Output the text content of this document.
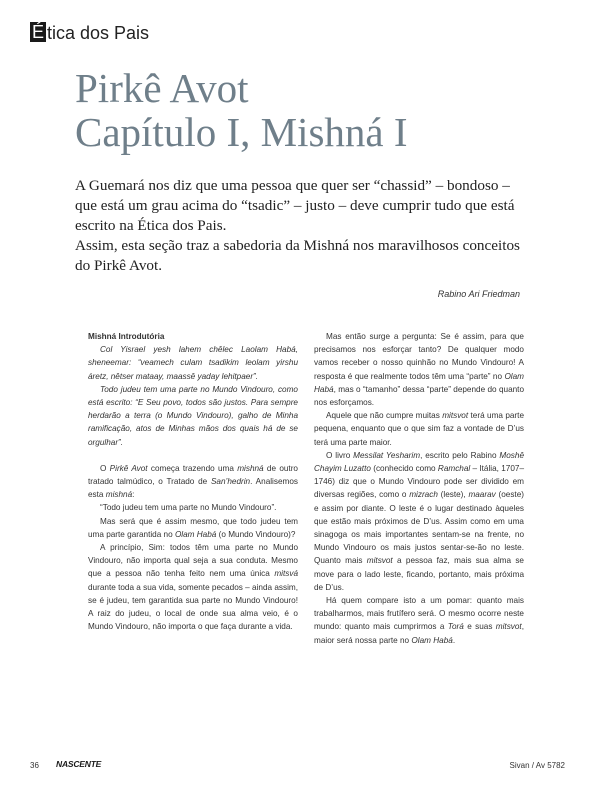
É tica dos Pais
Pirkê Avot
Capítulo I, Mishná I

A Guemará nos diz que uma pessoa que quer ser “chassid” – bondoso – que está um grau acima do “tsadic” – justo – deve cumprir tudo que está escrito na Ética dos Pais.

Assim, esta seção traz a sabedoria da Mishná nos maravilhosos conceitos do Pirkê Avot.

Rabino Ari Friedman

Mishná Introdutória

Col Yisrael yesh lahem chêlec Laolam Habá, sheneemar: “veamech culam tsadikim leolam yirshu áretz, nêtser mataay, maassê yaday lehitpaer”.

Todo judeu tem uma parte no Mundo Vindouro, como está escrito: “E Seu povo, todos são justos. Para sempre herdarão a terra (o Mundo Vindouro), galho de Minha ramificação, atos de Minhas mãos dos quais há de se orgulhar”.

O Pirkê Avot começa trazendo uma mishná de outro tratado talmúdico, o Tratado de San’hedrin. Analisemos esta mishná:

“Todo judeu tem uma parte no Mundo Vindouro”.

Mas será que é assim mesmo, que todo judeu tem uma parte garantida no Olam Habá (o Mundo Vindouro)?

A princípio, Sim: todos têm uma parte no Mundo Vindouro, não importa qual seja a sua conduta. Mesmo que a pessoa não tenha feito nem uma única mitsvá durante toda a sua vida, somente pecados – ainda assim, se é judeu, tem garantida sua parte no Mundo Vindouro! A raiz do judeu, o local de onde sua alma veio, é o Mundo Vindouro, não importa o que faça durante a vida.

Mas então surge a pergunta: Se é assim, para que precisamos nos esforçar tanto? De qualquer modo vamos receber o nosso quinhão no Mundo Vindouro! A resposta é que realmente todos têm uma “parte” no Olam Habá, mas o “tamanho” dessa “parte” depende do quanto nos esforçamos.

Aquele que não cumpre muitas mitsvot terá uma parte pequena, enquanto que o que sim faz a vontade de D’us terá uma parte maior.

O livro Messilat Yesharim, escrito pelo Rabino Moshê Chayim Luzatto (conhecido como Ramchal – Itália, 1707–1746) diz que o Mundo Vindouro pode ser dividido em diversas regiões, como o mizrach (leste), maarav (oeste) e assim por diante. O leste é o lugar destinado àqueles que estão mais próximos de D’us. Assim como em uma sinagoga os mais importantes sentam-se na frente, no Mundo Vindouro os mais justos sentar-se-ão no leste. Quanto mais mitsvot a pessoa faz, mais sua alma se move para o lado leste, ficando, portanto, mais próxima de D’us.

Há quem compare isto a um pomar: quanto mais trabalharmos, mais frutífero será. O mesmo ocorre neste mundo: quanto mais cumprirmos a Torá e suas mitsvot, maior será nossa parte no Olam Habá.

36 NASCENTE	Sivan / Av 5782
